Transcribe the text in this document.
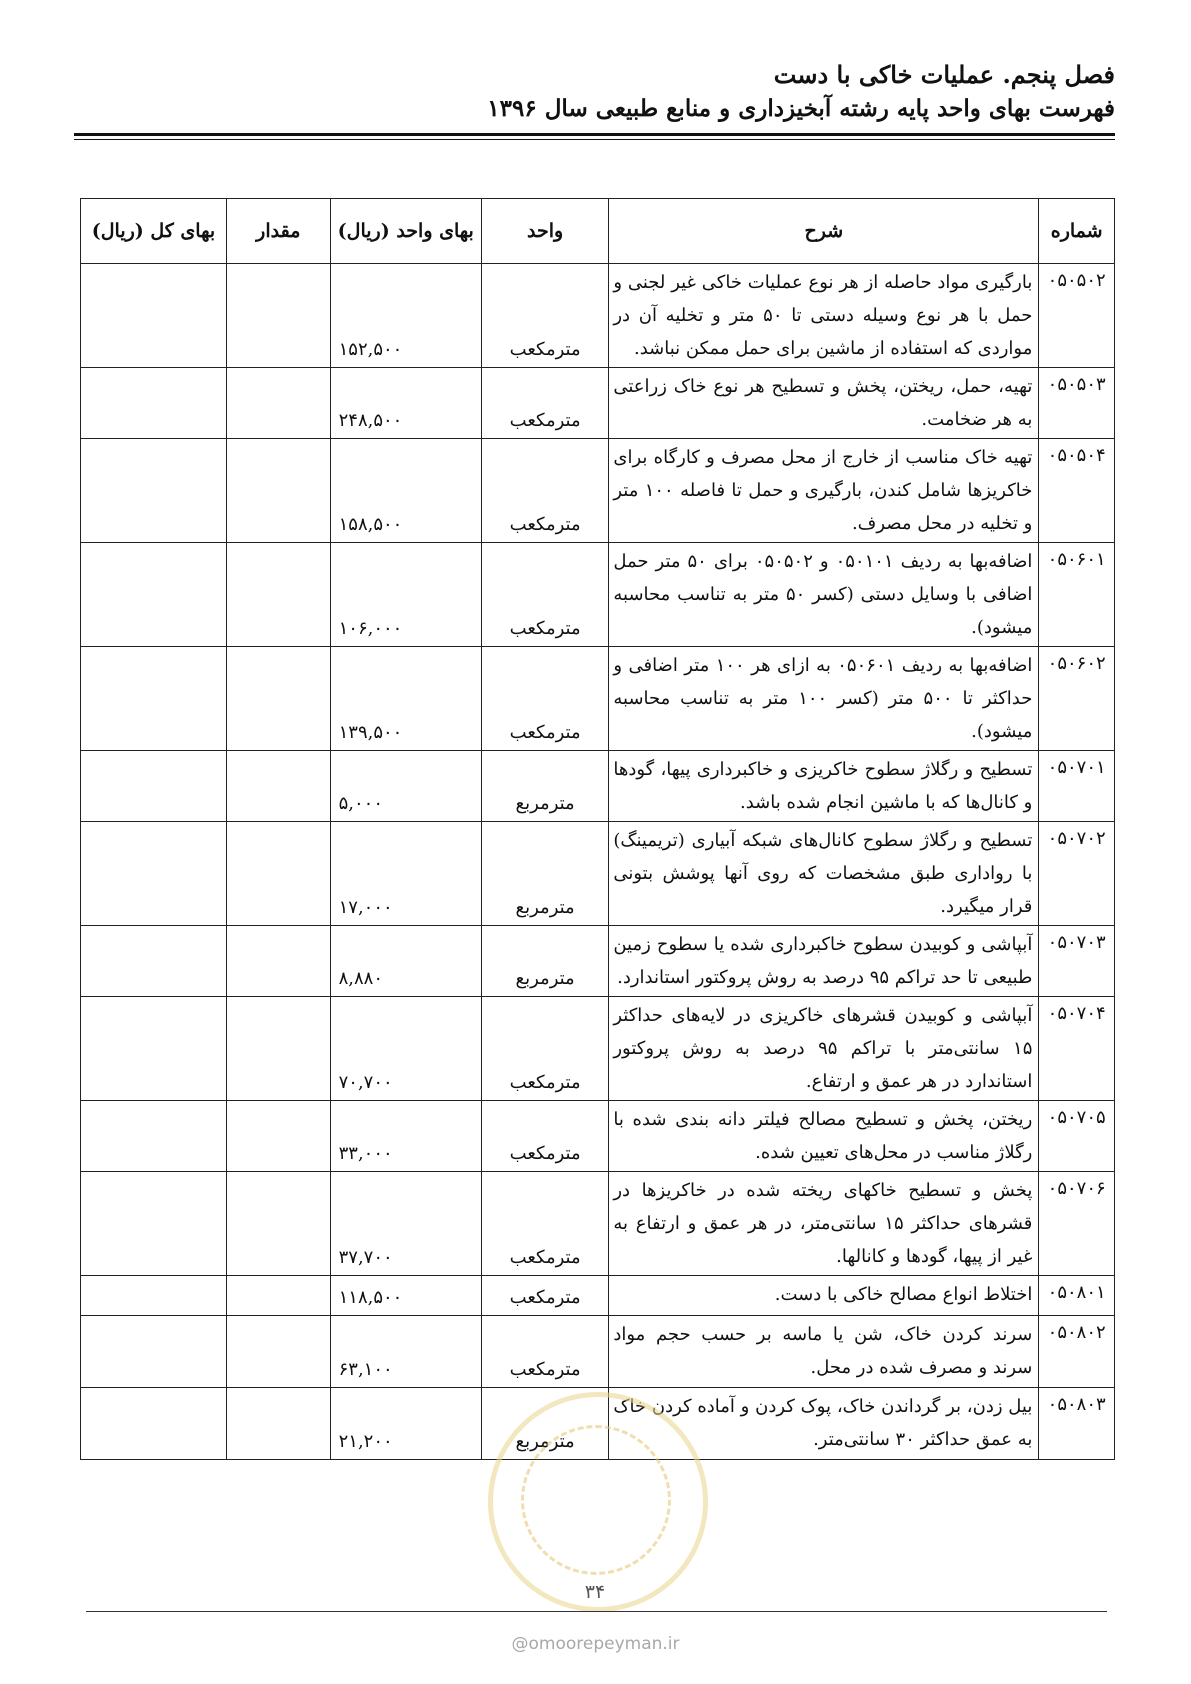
فصل پنجم. عملیات خاکی با دست
فهرست بهای واحد پایه رشته آبخیزداری و منابع طبیعی سال ۱۳۹۶
شماره	شرح	واحد	بهای واحد (ریال)	مقدار	بهای کل (ریال)
۰۵۰۵۰۲	بارگیری مواد حاصله از هر نوع عملیات خاکی غیر لجنی و حمل با هر نوع وسیله دستی تا ۵۰ متر و تخلیه آن در مواردی که استفاده از ماشین برای حمل ممکن نباشد.	مترمکعب	۱۵۲,۵۰۰		
۰۵۰۵۰۳	تهیه، حمل، ریختن، پخش و تسطیح هر نوع خاک زراعتی به هر ضخامت.	مترمکعب	۲۴۸,۵۰۰		
۰۵۰۵۰۴	تهیه خاک مناسب از خارج از محل مصرف و کارگاه برای خاکریزها شامل کندن، بارگیری و حمل تا فاصله ۱۰۰ متر و تخلیه در محل مصرف.	مترمکعب	۱۵۸,۵۰۰		
۰۵۰۶۰۱	اضافه‌بها به ردیف ۰۵۰۱۰۱ و ۰۵۰۵۰۲ برای ۵۰ متر حمل اضافی با وسایل دستی (کسر ۵۰ متر به تناسب محاسبه میشود).	مترمکعب	۱۰۶,۰۰۰		
۰۵۰۶۰۲	اضافه‌بها به ردیف ۰۵۰۶۰۱ به ازای هر ۱۰۰ متر اضافی و حداکثر تا ۵۰۰ متر (کسر ۱۰۰ متر به تناسب محاسبه میشود).	مترمکعب	۱۳۹,۵۰۰		
۰۵۰۷۰۱	تسطیح و رگلاژ سطوح خاکریزی و خاکبرداری پیها، گودها و کانال‌ها که با ماشین انجام شده باشد.	مترمربع	۵,۰۰۰		
۰۵۰۷۰۲	تسطیح و رگلاژ سطوح کانال‌های شبکه آبیاری (تریمینگ) با رواداری طبق مشخصات که روی آنها پوشش بتونی قرار میگیرد.	مترمربع	۱۷,۰۰۰		
۰۵۰۷۰۳	آبپاشی و کوبیدن سطوح خاکبرداری شده یا سطوح زمین طبیعی تا حد تراکم ۹۵ درصد به روش پروکتور استاندارد.	مترمربع	۸,۸۸۰		
۰۵۰۷۰۴	آبپاشی و کوبیدن قشرهای خاکریزی در لایه‌های حداکثر ۱۵ سانتی‌متر با تراکم ۹۵ درصد به روش پروکتور استاندارد در هر عمق و ارتفاع.	مترمکعب	۷۰,۷۰۰		
۰۵۰۷۰۵	ریختن، پخش و تسطیح مصالح فیلتر دانه بندی شده با رگلاژ مناسب در محل‌های تعیین شده.	مترمکعب	۳۳,۰۰۰		
۰۵۰۷۰۶	پخش و تسطیح خاکهای ریخته شده در خاکریزها در قشرهای حداکثر ۱۵ سانتی‌متر، در هر عمق و ارتفاع به غیر از پیها، گودها و کانالها.	مترمکعب	۳۷,۷۰۰		
۰۵۰۸۰۱	اختلاط انواع مصالح خاکی با دست.	مترمکعب	۱۱۸,۵۰۰		
۰۵۰۸۰۲	سرند کردن خاک، شن یا ماسه بر حسب حجم مواد سرند و مصرف شده در محل.	مترمکعب	۶۳,۱۰۰		
۰۵۰۸۰۳	بیل زدن، بر گرداندن خاک، پوک کردن و آماده کردن خاک به عمق حداکثر ۳۰ سانتی‌متر.	مترمربع	۲۱,۲۰۰		
۳۴
@omoorepeyman.ir
